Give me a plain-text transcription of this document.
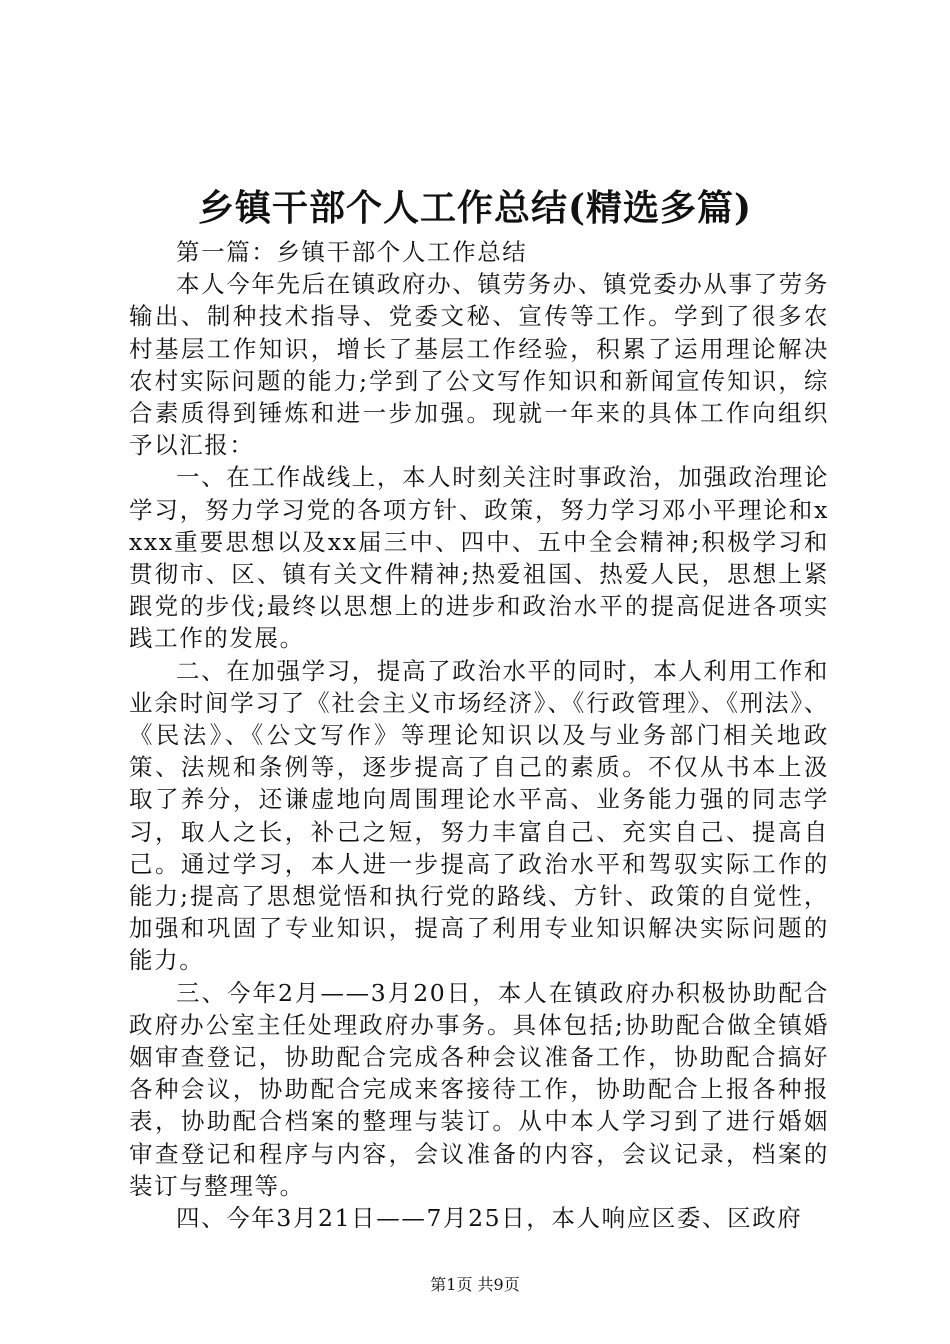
乡镇干部个人工作总结(精选多篇)

第一篇：乡镇干部个人工作总结

本人今年先后在镇政府办、镇劳务办、镇党委办从事了劳务输出、制种技术指导、党委文秘、宣传等工作。学到了很多农村基层工作知识，增长了基层工作经验，积累了运用理论解决农村实际问题的能力;学到了公文写作知识和新闻宣传知识，综合素质得到锤炼和进一步加强。现就一年来的具体工作向组织予以汇报：

一、在工作战线上，本人时刻关注时事政治，加强政治理论学习，努力学习党的各项方针、政策，努力学习邓小平理论和xxxx重要思想以及xx届三中、四中、五中全会精神;积极学习和贯彻市、区、镇有关文件精神;热爱祖国、热爱人民，思想上紧跟党的步伐;最终以思想上的进步和政治水平的提高促进各项实践工作的发展。

二、在加强学习，提高了政治水平的同时，本人利用工作和业余时间学习了《社会主义市场经济》、《行政管理》、《刑法》、《民法》、《公文写作》等理论知识以及与业务部门相关地政策、法规和条例等，逐步提高了自己的素质。不仅从书本上汲取了养分，还谦虚地向周围理论水平高、业务能力强的同志学习，取人之长，补己之短，努力丰富自己、充实自己、提高自己。通过学习，本人进一步提高了政治水平和驾驭实际工作的能力;提高了思想觉悟和执行党的路线、方针、政策的自觉性，加强和巩固了专业知识，提高了利用专业知识解决实际问题的能力。

三、今年2月——3月20日，本人在镇政府办积极协助配合政府办公室主任处理政府办事务。具体包括;协助配合做全镇婚姻审查登记，协助配合完成各种会议准备工作，协助配合搞好各种会议，协助配合完成来客接待工作，协助配合上报各种报表，协助配合档案的整理与装订。从中本人学习到了进行婚姻审查登记和程序与内容，会议准备的内容，会议记录，档案的装订与整理等。

四、今年3月21日——7月25日，本人响应区委、区政府

第1页 共9页
